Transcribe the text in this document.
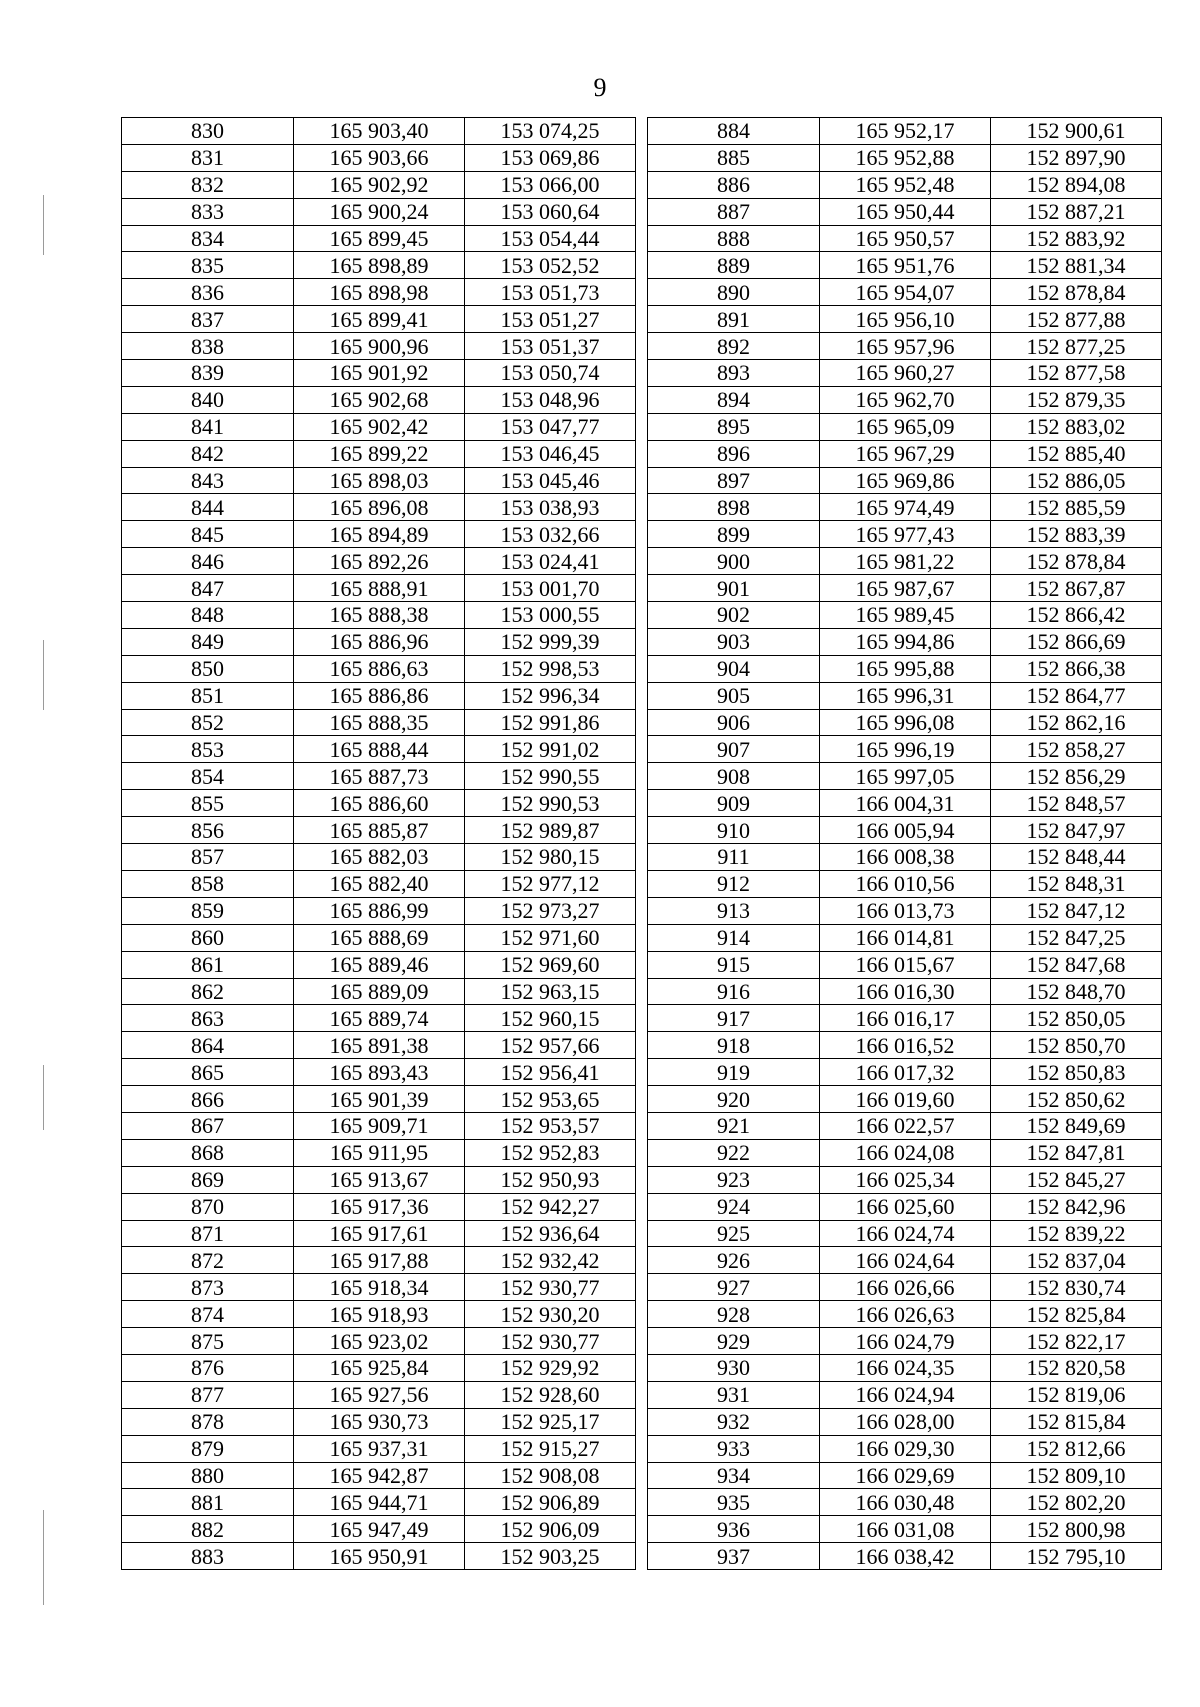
9
830	165 903,40	153 074,25
831	165 903,66	153 069,86
832	165 902,92	153 066,00
833	165 900,24	153 060,64
834	165 899,45	153 054,44
835	165 898,89	153 052,52
836	165 898,98	153 051,73
837	165 899,41	153 051,27
838	165 900,96	153 051,37
839	165 901,92	153 050,74
840	165 902,68	153 048,96
841	165 902,42	153 047,77
842	165 899,22	153 046,45
843	165 898,03	153 045,46
844	165 896,08	153 038,93
845	165 894,89	153 032,66
846	165 892,26	153 024,41
847	165 888,91	153 001,70
848	165 888,38	153 000,55
849	165 886,96	152 999,39
850	165 886,63	152 998,53
851	165 886,86	152 996,34
852	165 888,35	152 991,86
853	165 888,44	152 991,02
854	165 887,73	152 990,55
855	165 886,60	152 990,53
856	165 885,87	152 989,87
857	165 882,03	152 980,15
858	165 882,40	152 977,12
859	165 886,99	152 973,27
860	165 888,69	152 971,60
861	165 889,46	152 969,60
862	165 889,09	152 963,15
863	165 889,74	152 960,15
864	165 891,38	152 957,66
865	165 893,43	152 956,41
866	165 901,39	152 953,65
867	165 909,71	152 953,57
868	165 911,95	152 952,83
869	165 913,67	152 950,93
870	165 917,36	152 942,27
871	165 917,61	152 936,64
872	165 917,88	152 932,42
873	165 918,34	152 930,77
874	165 918,93	152 930,20
875	165 923,02	152 930,77
876	165 925,84	152 929,92
877	165 927,56	152 928,60
878	165 930,73	152 925,17
879	165 937,31	152 915,27
880	165 942,87	152 908,08
881	165 944,71	152 906,89
882	165 947,49	152 906,09
883	165 950,91	152 903,25
884	165 952,17	152 900,61
885	165 952,88	152 897,90
886	165 952,48	152 894,08
887	165 950,44	152 887,21
888	165 950,57	152 883,92
889	165 951,76	152 881,34
890	165 954,07	152 878,84
891	165 956,10	152 877,88
892	165 957,96	152 877,25
893	165 960,27	152 877,58
894	165 962,70	152 879,35
895	165 965,09	152 883,02
896	165 967,29	152 885,40
897	165 969,86	152 886,05
898	165 974,49	152 885,59
899	165 977,43	152 883,39
900	165 981,22	152 878,84
901	165 987,67	152 867,87
902	165 989,45	152 866,42
903	165 994,86	152 866,69
904	165 995,88	152 866,38
905	165 996,31	152 864,77
906	165 996,08	152 862,16
907	165 996,19	152 858,27
908	165 997,05	152 856,29
909	166 004,31	152 848,57
910	166 005,94	152 847,97
911	166 008,38	152 848,44
912	166 010,56	152 848,31
913	166 013,73	152 847,12
914	166 014,81	152 847,25
915	166 015,67	152 847,68
916	166 016,30	152 848,70
917	166 016,17	152 850,05
918	166 016,52	152 850,70
919	166 017,32	152 850,83
920	166 019,60	152 850,62
921	166 022,57	152 849,69
922	166 024,08	152 847,81
923	166 025,34	152 845,27
924	166 025,60	152 842,96
925	166 024,74	152 839,22
926	166 024,64	152 837,04
927	166 026,66	152 830,74
928	166 026,63	152 825,84
929	166 024,79	152 822,17
930	166 024,35	152 820,58
931	166 024,94	152 819,06
932	166 028,00	152 815,84
933	166 029,30	152 812,66
934	166 029,69	152 809,10
935	166 030,48	152 802,20
936	166 031,08	152 800,98
937	166 038,42	152 795,10
